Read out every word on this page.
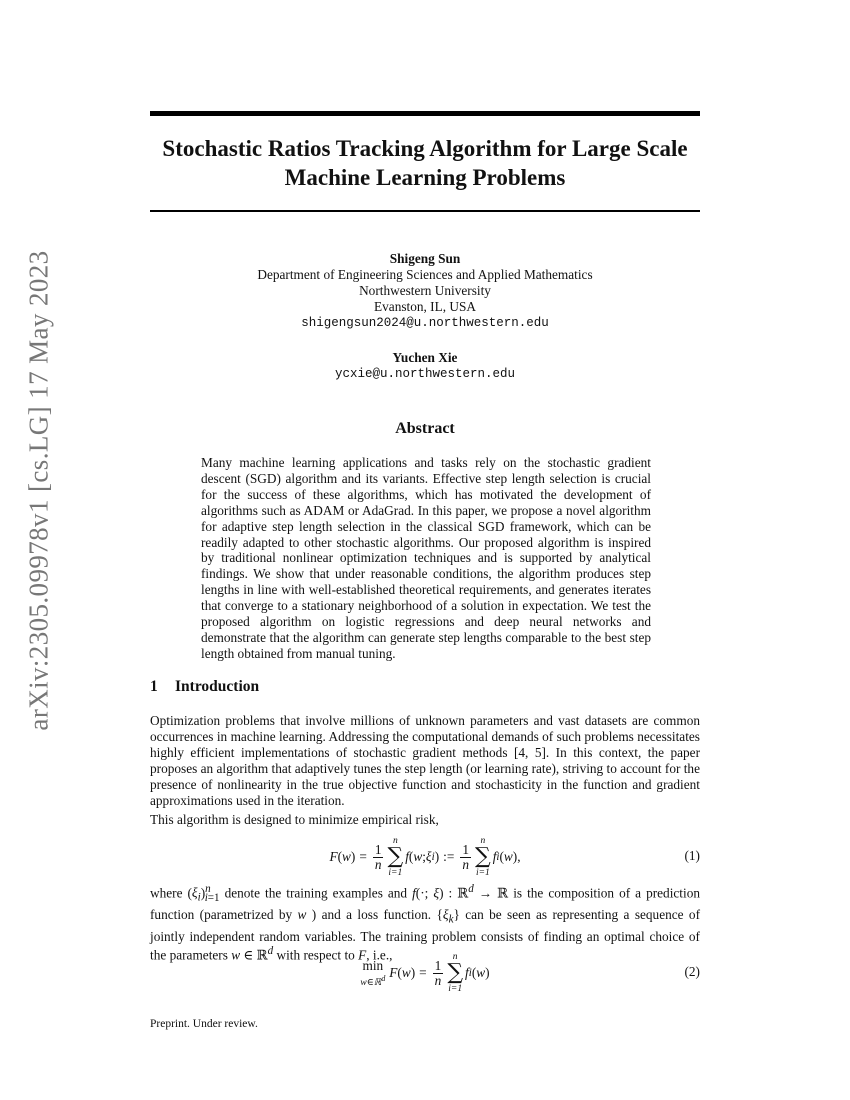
arXiv:2305.09978v1 [cs.LG] 17 May 2023
Stochastic Ratios Tracking Algorithm for Large Scale Machine Learning Problems
Shigeng Sun
Department of Engineering Sciences and Applied Mathematics
Northwestern University
Evanston, IL, USA
shigengsun2024@u.northwestern.edu
Yuchen Xie
ycxie@u.northwestern.edu
Abstract
Many machine learning applications and tasks rely on the stochastic gradient descent (SGD) algorithm and its variants. Effective step length selection is crucial for the success of these algorithms, which has motivated the development of algorithms such as ADAM or AdaGrad. In this paper, we propose a novel algorithm for adaptive step length selection in the classical SGD framework, which can be readily adapted to other stochastic algorithms. Our proposed algorithm is inspired by traditional nonlinear optimization techniques and is supported by analytical findings. We show that under reasonable conditions, the algorithm produces step lengths in line with well-established theoretical requirements, and generates iterates that converge to a stationary neighborhood of a solution in expectation. We test the proposed algorithm on logistic regressions and deep neural networks and demonstrate that the algorithm can generate step lengths comparable to the best step length obtained from manual tuning.
1 Introduction

Optimization problems that involve millions of unknown parameters and vast datasets are common occurrences in machine learning. Addressing the computational demands of such problems necessitates highly efficient implementations of stochastic gradient methods [4, 5]. In this context, the paper proposes an algorithm that adaptively tunes the step length (or learning rate), striving to account for the presence of nonlinearity in the true objective function and stochasticity in the function and gradient approximations used in the iteration.

This algorithm is designed to minimize empirical risk,

F ( w ) = $\frac{1}{n}$
n
∑
i=1
f ( w ; ξ i ) := $\frac{1}{n}$
n
∑
i=1
f i ( w ),	(1)

where $(\xi_i)^n_{i=1}$ denote the training examples and f(·; ξ) : ℝ$^d$ → ℝ is the composition of a prediction function (parametrized by w ) and a loss function. $\{\xi_k\}$ can be seen as representing a sequence of jointly independent random variables. The training problem consists of finding an optimal choice of the parameters w ∈ ℝ$^d$ with respect to F, i.e.,

min
w∈ℝ$^d$ F ( w ) = $\frac{1}{n}$
n
∑
i=1
f i ( w )	(2)
Preprint. Under review.
